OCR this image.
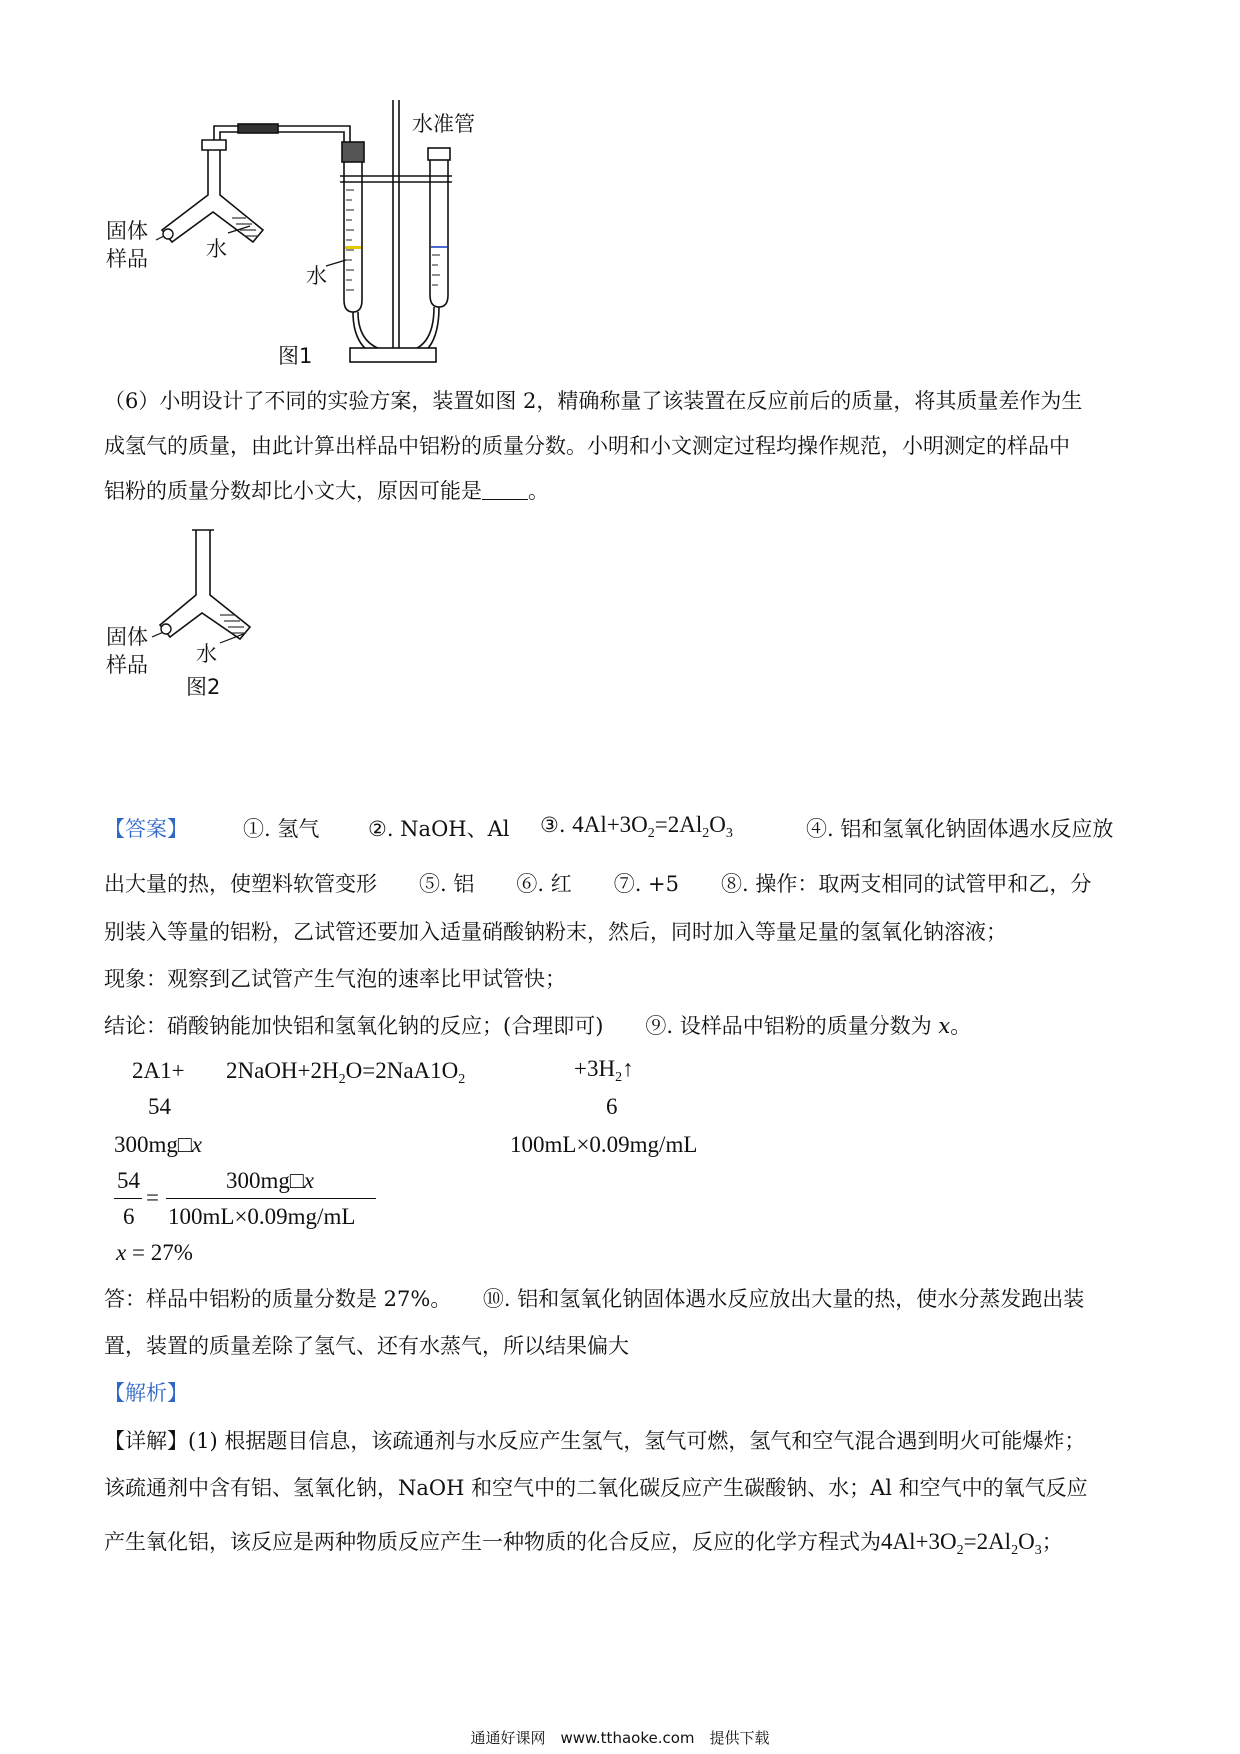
水准管
固体
样品	水
水
图1
（6）小明设计了不同的实验方案，装置如图 2，精确称量了该装置在反应前后的质量，将其质量差作为生
成氢气的质量，由此计算出样品中铝粉的质量分数。小明和小文测定过程均操作规范，小明测定的样品中
铝粉的质量分数却比小文大，原因可能是 。
固体
样品 水
图2
【答案】	①. 氢气 ②. NaOH、Al ③. $4Al+3O_2=2Al_2O_3$	④. 铝和氢氧化钠固体遇水反应放
出大量的热，使塑料软管变形　　⑤. 铝　　⑥. 红　　⑦. +5　　⑧. 操作：取两支相同的试管甲和乙，分
别装入等量的铝粉，乙试管还要加入适量硝酸钠粉末，然后，同时加入等量足量的氢氧化钠溶液；
现象：观察到乙试管产生气泡的速率比甲试管快；
结论：硝酸钠能加快铝和氢氧化钠的反应；(合理即可)　　⑨. 设样品中铝粉的质量分数为 x。
$2A1+ 2NaOH+2H_2O=2NaA1O_2$	$+3H_2↑$
54	6
300mg□x	100mL×0.09mg/mL
54
6
=
300mg□x
100mL×0.09mg/mL
x = 27%
答：样品中铝粉的质量分数是 27%。　　⑩. 铝和氢氧化钠固体遇水反应放出大量的热，使水分蒸发跑出装
置，装置的质量差除了氢气、还有水蒸气，所以结果偏大
【解析】
【详解】(1) 根据题目信息，该疏通剂与水反应产生氢气，氢气可燃，氢气和空气混合遇到明火可能爆炸；
该疏通剂中含有铝、氢氧化钠，NaOH 和空气中的二氧化碳反应产生碳酸钠、水；Al 和空气中的氧气反应
产生氧化铝，该反应是两种物质反应产生一种物质的化合反应，反应的化学方程式为$4Al+3O_2=2Al_2O_3$；
通通好课网　www.tthaoke.com　提供下载
